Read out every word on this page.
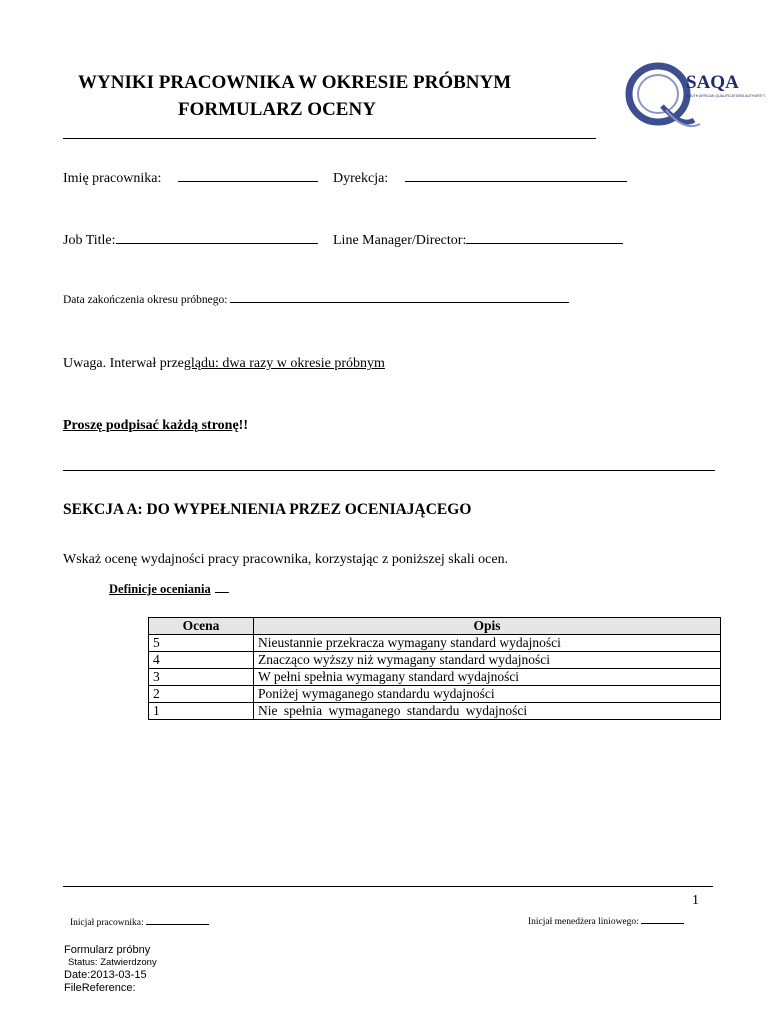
WYNIKI PRACOWNIKA W OKRESIE PRÓBNYM
FORMULARZ OCENY
SAQA
SOUTH AFRICAN QUALIFICATIONS AUTHORITY
Imię pracownika:	Dyrekcja:
Job Title:	Line Manager/Director:
Data zakończenia okresu próbnego:
Uwaga. Interwał przeglądu: dwa razy w okresie próbnym
Proszę podpisać każdą stronę!!
SEKCJA A: DO WYPEŁNIENIA PRZEZ OCENIAJĄCEGO
Wskaż ocenę wydajności pracy pracownika, korzystając z poniższej skali ocen.
Definicje oceniania
Ocena	Opis
5	Nieustannie przekracza wymagany standard wydajności
4	Znacząco wyższy niż wymagany standard wydajności
3	W pełni spełnia wymagany standard wydajności
2	Poniżej wymaganego standardu wydajności
1	Nie spełnia wymaganego standardu wydajności
1
Inicjał pracownika:	Inicjał menedżera liniowego:
Formularz próbny
Status: Zatwierdzony
Date:2013-03-15
FileReference:
